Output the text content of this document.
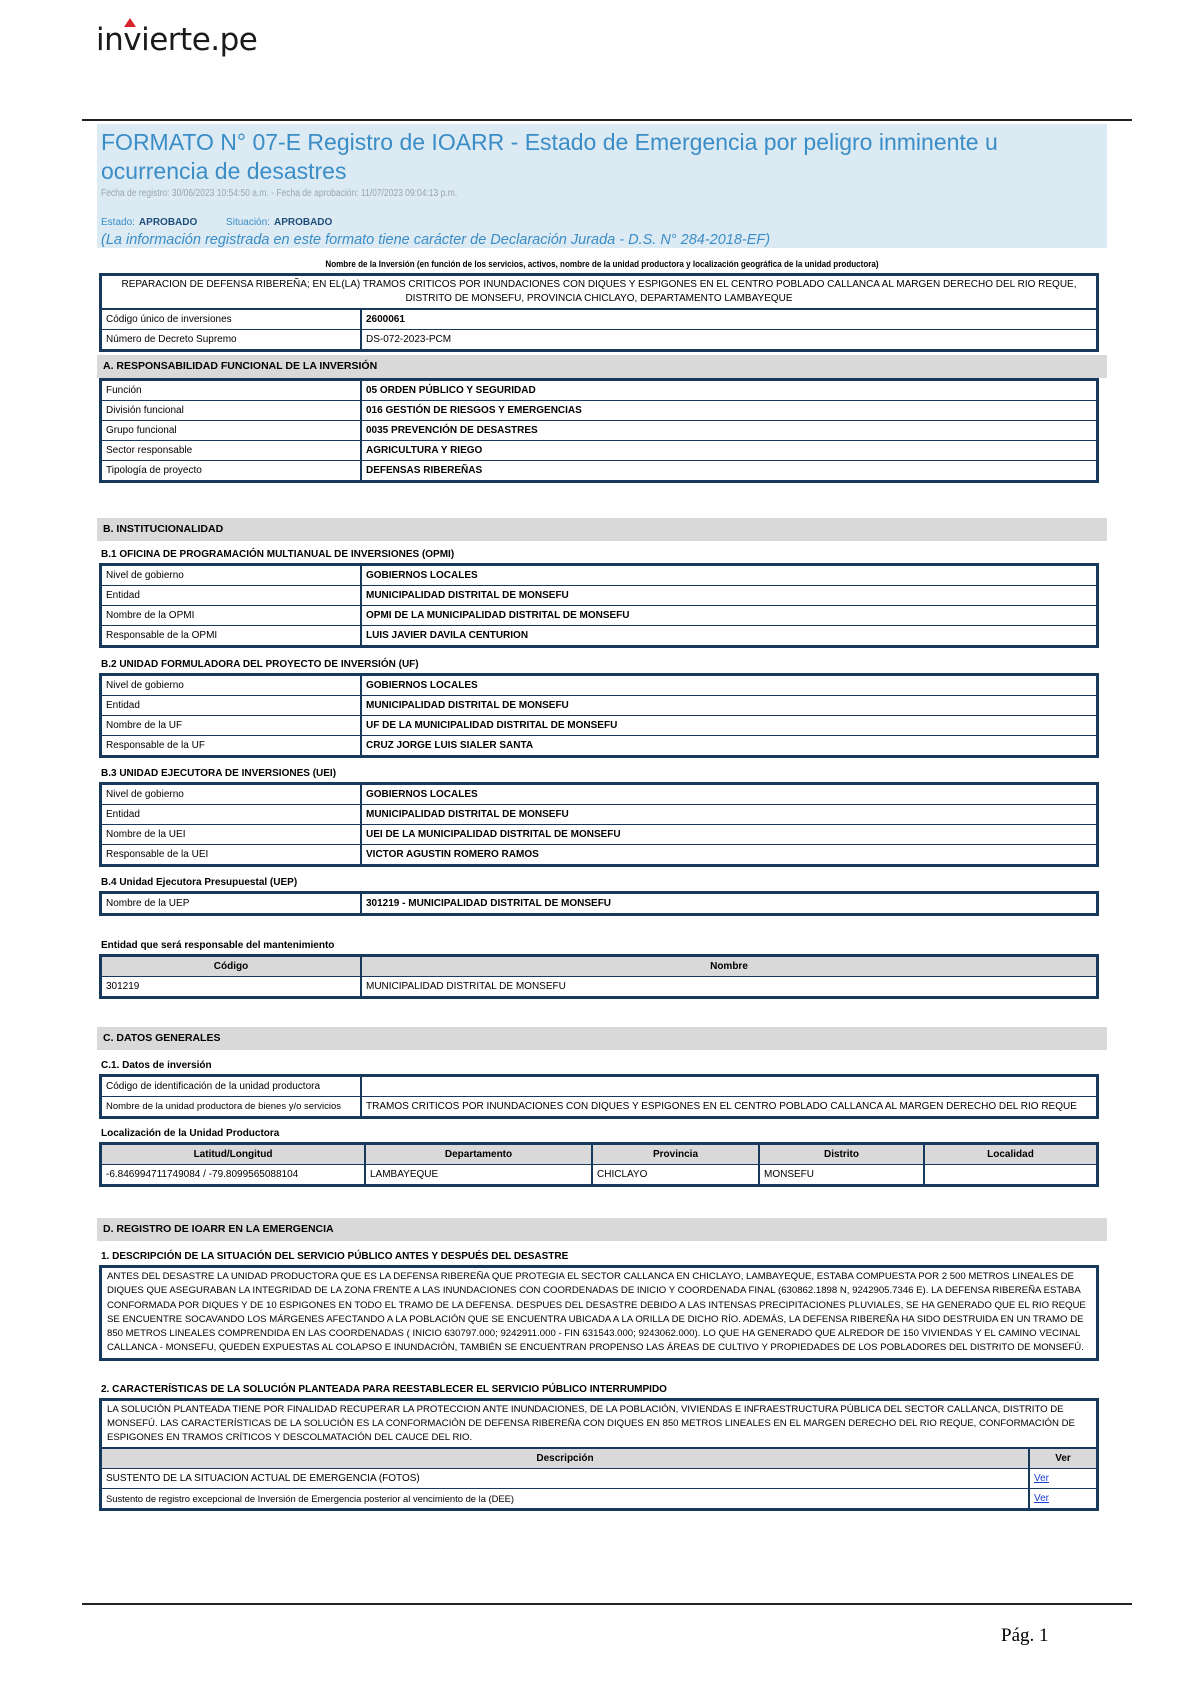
invierte.pe
FORMATO N° 07-E Registro de IOARR - Estado de Emergencia por peligro inminente u ocurrencia de desastres
Fecha de registro: 30/06/2023 10:54:50 a.m. - Fecha de aprobación: 11/07/2023 09:04:13 p.m.
Estado: APROBADO	Situación: APROBADO
(La información registrada en este formato tiene carácter de Declaración Jurada - D.S. N° 284-2018-EF)
Nombre de la Inversión (en función de los servicios, activos, nombre de la unidad productora y localización geográfica de la unidad productora)
REPARACION DE DEFENSA RIBEREÑA; EN EL(LA) TRAMOS CRITICOS POR INUNDACIONES CON DIQUES Y ESPIGONES EN EL CENTRO POBLADO CALLANCA AL MARGEN DERECHO DEL RIO REQUE, DISTRITO DE MONSEFU, PROVINCIA CHICLAYO, DEPARTAMENTO LAMBAYEQUE
Código único de inversiones	2600061
Número de Decreto Supremo	DS-072-2023-PCM
A. RESPONSABILIDAD FUNCIONAL DE LA INVERSIÓN
Función	05 ORDEN PÚBLICO Y SEGURIDAD
División funcional	016 GESTIÓN DE RIESGOS Y EMERGENCIAS
Grupo funcional	0035 PREVENCIÓN DE DESASTRES
Sector responsable	AGRICULTURA Y RIEGO
Tipología de proyecto	DEFENSAS RIBEREÑAS
B. INSTITUCIONALIDAD
B.1 OFICINA DE PROGRAMACIÓN MULTIANUAL DE INVERSIONES (OPMI)
Nivel de gobierno	GOBIERNOS LOCALES
Entidad	MUNICIPALIDAD DISTRITAL DE MONSEFU
Nombre de la OPMI	OPMI DE LA MUNICIPALIDAD DISTRITAL DE MONSEFU
Responsable de la OPMI	LUIS JAVIER DAVILA CENTURION
B.2 UNIDAD FORMULADORA DEL PROYECTO DE INVERSIÓN (UF)
Nivel de gobierno	GOBIERNOS LOCALES
Entidad	MUNICIPALIDAD DISTRITAL DE MONSEFU
Nombre de la UF	UF DE LA MUNICIPALIDAD DISTRITAL DE MONSEFU
Responsable de la UF	CRUZ JORGE LUIS SIALER SANTA
B.3 UNIDAD EJECUTORA DE INVERSIONES (UEI)
Nivel de gobierno	GOBIERNOS LOCALES
Entidad	MUNICIPALIDAD DISTRITAL DE MONSEFU
Nombre de la UEI	UEI DE LA MUNICIPALIDAD DISTRITAL DE MONSEFU
Responsable de la UEI	VICTOR AGUSTIN ROMERO RAMOS
B.4 Unidad Ejecutora Presupuestal (UEP)
Nombre de la UEP	301219 - MUNICIPALIDAD DISTRITAL DE MONSEFU
Entidad que será responsable del mantenimiento
Código	Nombre
301219	MUNICIPALIDAD DISTRITAL DE MONSEFU
C. DATOS GENERALES
C.1. Datos de inversión
Código de identificación de la unidad productora
Nombre de la unidad productora de bienes y/o servicios	TRAMOS CRITICOS POR INUNDACIONES CON DIQUES Y ESPIGONES EN EL CENTRO POBLADO CALLANCA AL MARGEN DERECHO DEL RIO REQUE
Localización de la Unidad Productora
Latitud/Longitud	Departamento	Provincia	Distrito	Localidad
-6.846994711749084 / -79.8099565088104	LAMBAYEQUE	CHICLAYO	MONSEFU
D. REGISTRO DE IOARR EN LA EMERGENCIA
1. DESCRIPCIÓN DE LA SITUACIÓN DEL SERVICIO PÚBLICO ANTES Y DESPUÉS DEL DESASTRE
ANTES DEL DESASTRE LA UNIDAD PRODUCTORA QUE ES LA DEFENSA RIBEREÑA QUE PROTEGIA EL SECTOR CALLANCA EN CHICLAYO, LAMBAYEQUE, ESTABA COMPUESTA POR 2 500 METROS LINEALES DE DIQUES QUE ASEGURABAN LA INTEGRIDAD DE LA ZONA FRENTE A LAS INUNDACIONES CON COORDENADAS DE INICIO Y COORDENADA FINAL (630862.1898 N, 9242905.7346 E). LA DEFENSA RIBEREÑA ESTABA CONFORMADA POR DIQUES Y DE 10 ESPIGONES EN TODO EL TRAMO DE LA DEFENSA. DESPUES DEL DESASTRE DEBIDO A LAS INTENSAS PRECIPITACIONES PLUVIALES, SE HA GENERADO QUE EL RIO REQUE SE ENCUENTRE SOCAVANDO LOS MÁRGENES AFECTANDO A LA POBLACIÓN QUE SE ENCUENTRA UBICADA A LA ORILLA DE DICHO RÍO. ADEMÁS, LA DEFENSA RIBEREÑA HA SIDO DESTRUIDA EN UN TRAMO DE 850 METROS LINEALES COMPRENDIDA EN LAS COORDENADAS ( INICIO 630797.000; 9242911.000 - FIN 631543.000; 9243062.000). LO QUE HA GENERADO QUE ALREDOR DE 150 VIVIENDAS Y EL CAMINO VECINAL CALLANCA - MONSEFU, QUEDEN EXPUESTAS AL COLAPSO E INUNDACIÓN, TAMBIÉN SE ENCUENTRAN PROPENSO LAS ÁREAS DE CULTIVO Y PROPIEDADES DE LOS POBLADORES DEL DISTRITO DE MONSEFÚ.
2. CARACTERÍSTICAS DE LA SOLUCIÓN PLANTEADA PARA REESTABLECER EL SERVICIO PÚBLICO INTERRUMPIDO
LA SOLUCIÓN PLANTEADA TIENE POR FINALIDAD RECUPERAR LA PROTECCION ANTE INUNDACIONES, DE LA POBLACIÓN, VIVIENDAS E INFRAESTRUCTURA PÚBLICA DEL SECTOR CALLANCA, DISTRITO DE MONSEFÚ. LAS CARACTERÍSTICAS DE LA SOLUCIÓN ES LA CONFORMACIÓN DE DEFENSA RIBEREÑA CON DIQUES EN 850 METROS LINEALES EN EL MARGEN DERECHO DEL RIO REQUE, CONFORMACIÓN DE ESPIGONES EN TRAMOS CRÍTICOS Y DESCOLMATACIÓN DEL CAUCE DEL RIO.
Descripción	Ver
SUSTENTO DE LA SITUACION ACTUAL DE EMERGENCIA (FOTOS)	Ver
Sustento de registro excepcional de Inversión de Emergencia posterior al vencimiento de la (DEE)	Ver
Pág. 1
